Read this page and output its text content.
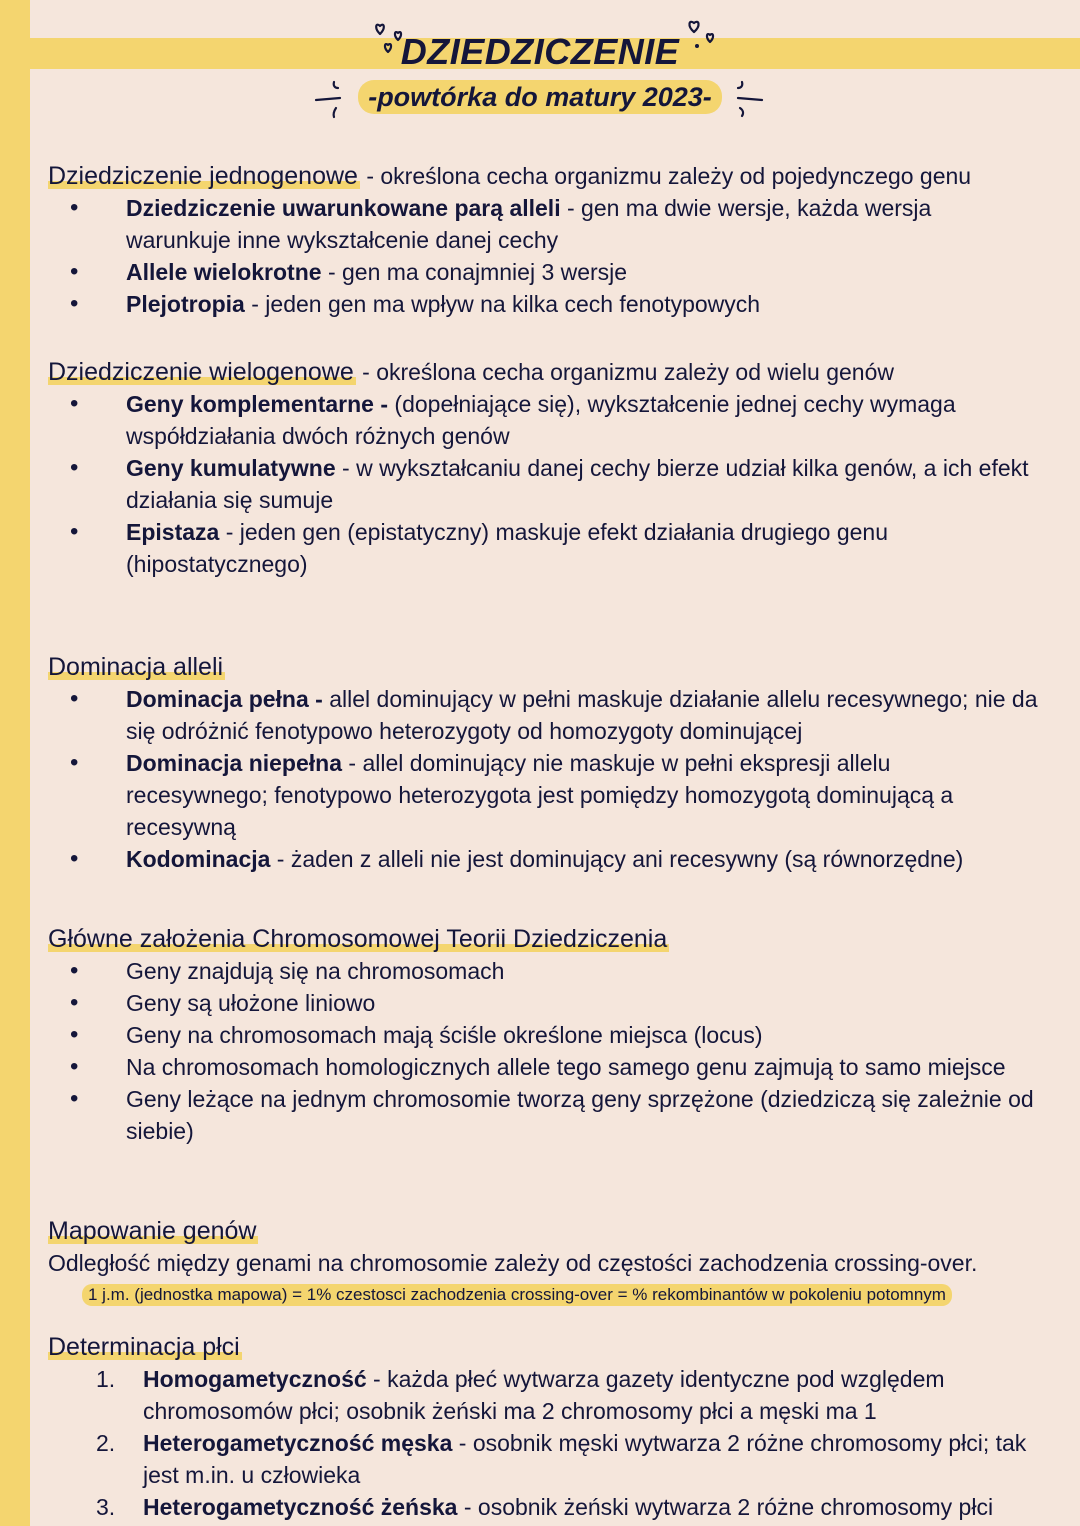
DZIEDZICZENIE
-powtórka do matury 2023-
Dziedziczenie jednogenowe - określona cecha organizmu zależy od pojedynczego genu
• Dziedziczenie uwarunkowane parą alleli - gen ma dwie wersje, każda wersja warunkuje inne wykształcenie danej cechy
• Allele wielokrotne - gen ma conajmniej 3 wersje
• Plejotropia - jeden gen ma wpływ na kilka cech fenotypowych
Dziedziczenie wielogenowe - określona cecha organizmu zależy od wielu genów
• Geny komplementarne - (dopełniające się), wykształcenie jednej cechy wymaga współdziałania dwóch różnych genów
• Geny kumulatywne - w wykształcaniu danej cechy bierze udział kilka genów, a ich efekt działania się sumuje
• Epistaza - jeden gen (epistatyczny) maskuje efekt działania drugiego genu (hipostatycznego)
Dominacja alleli
• Dominacja pełna - allel dominujący w pełni maskuje działanie allelu recesywnego; nie da się odróżnić fenotypowo heterozygoty od homozygoty dominującej
• Dominacja niepełna - allel dominujący nie maskuje w pełni ekspresji allelu recesywnego; fenotypowo heterozygota jest pomiędzy homozygotą dominującą a recesywną
• Kodominacja - żaden z alleli nie jest dominujący ani recesywny (są równorzędne)
Główne założenia Chromosomowej Teorii Dziedziczenia
• Geny znajdują się na chromosomach
• Geny są ułożone liniowo
• Geny na chromosomach mają ściśle określone miejsca (locus)
• Na chromosomach homologicznych allele tego samego genu zajmują to samo miejsce
• Geny leżące na jednym chromosomie tworzą geny sprzężone (dziedziczą się zależnie od siebie)
Mapowanie genów
Odległość między genami na chromosomie zależy od częstości zachodzenia crossing-over.
1 j.m. (jednostka mapowa) = 1% czestosci zachodzenia crossing-over = % rekombinantów w pokoleniu potomnym
Determinacja płci
1. Homogametyczność - każda płeć wytwarza gazety identyczne pod względem chromosomów płci; osobnik żeński ma 2 chromosomy płci a męski ma 1
2. Heterogametyczność męska - osobnik męski wytwarza 2 różne chromosomy płci; tak jest m.in. u człowieka
3. Heterogametyczność żeńska - osobnik żeński wytwarza 2 różne chromosomy płci
